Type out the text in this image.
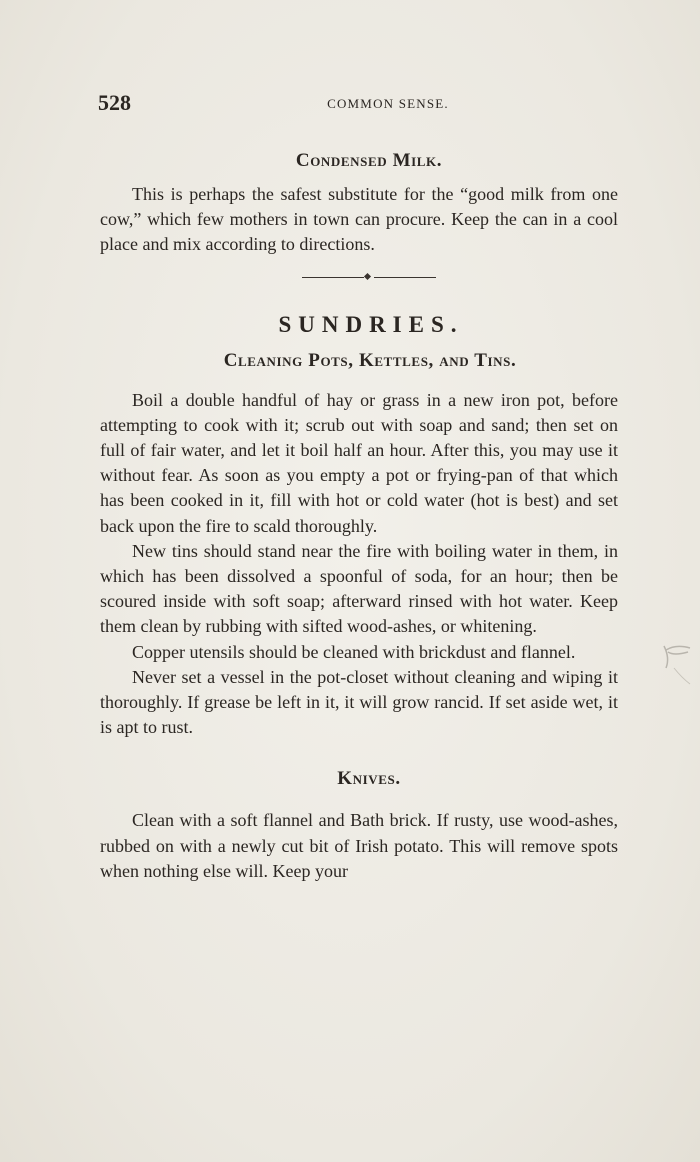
528	COMMON SENSE.
Condensed Milk.

This is perhaps the safest substitute for the “good milk from one cow,” which few mothers in town can procure. Keep the can in a cool place and mix according to directions.

SUNDRIES.
Cleaning Pots, Kettles, and Tins.

Boil a double handful of hay or grass in a new iron pot, before attempting to cook with it; scrub out with soap and sand; then set on full of fair water, and let it boil half an hour. After this, you may use it without fear. As soon as you empty a pot or frying-pan of that which has been cooked in it, fill with hot or cold water (hot is best) and set back upon the fire to scald thoroughly.

New tins should stand near the fire with boiling water in them, in which has been dissolved a spoonful of soda, for an hour; then be scoured inside with soft soap; afterward rinsed with hot water. Keep them clean by rubbing with sifted wood-ashes, or whitening.

Copper utensils should be cleaned with brickdust and flannel.

Never set a vessel in the pot-closet without cleaning and wiping it thoroughly. If grease be left in it, it will grow rancid. If set aside wet, it is apt to rust.

Knives.

Clean with a soft flannel and Bath brick. If rusty, use wood-ashes, rubbed on with a newly cut bit of Irish potato. This will remove spots when nothing else will. Keep your
